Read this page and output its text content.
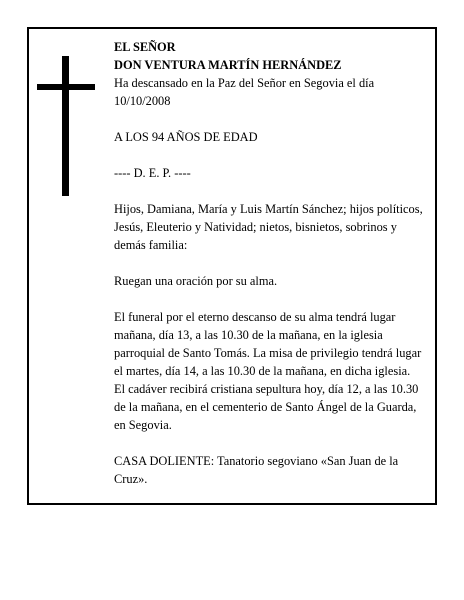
EL SEÑOR

DON VENTURA MARTÍN HERNÁNDEZ

Ha descansado en la Paz del Señor en Segovia el día 10/10/2008

A LOS 94 AÑOS DE EDAD

---- D. E. P. ----

Hijos, Damiana, María y Luis Martín Sánchez; hijos políticos, Jesús, Eleuterio y Natividad; nietos, bisnietos, sobrinos y demás familia:

Ruegan una oración por su alma.

El funeral por el eterno descanso de su alma tendrá lugar mañana, día 13, a las 10.30 de la mañana, en la iglesia parroquial de Santo Tomás. La misa de privilegio tendrá lugar el martes, día 14, a las 10.30 de la mañana, en dicha iglesia. El cadáver recibirá cristiana sepultura hoy, día 12, a las 10.30 de la mañana, en el cementerio de Santo Ángel de la Guarda, en Segovia.

CASA DOLIENTE: Tanatorio segoviano «San Juan de la Cruz».
